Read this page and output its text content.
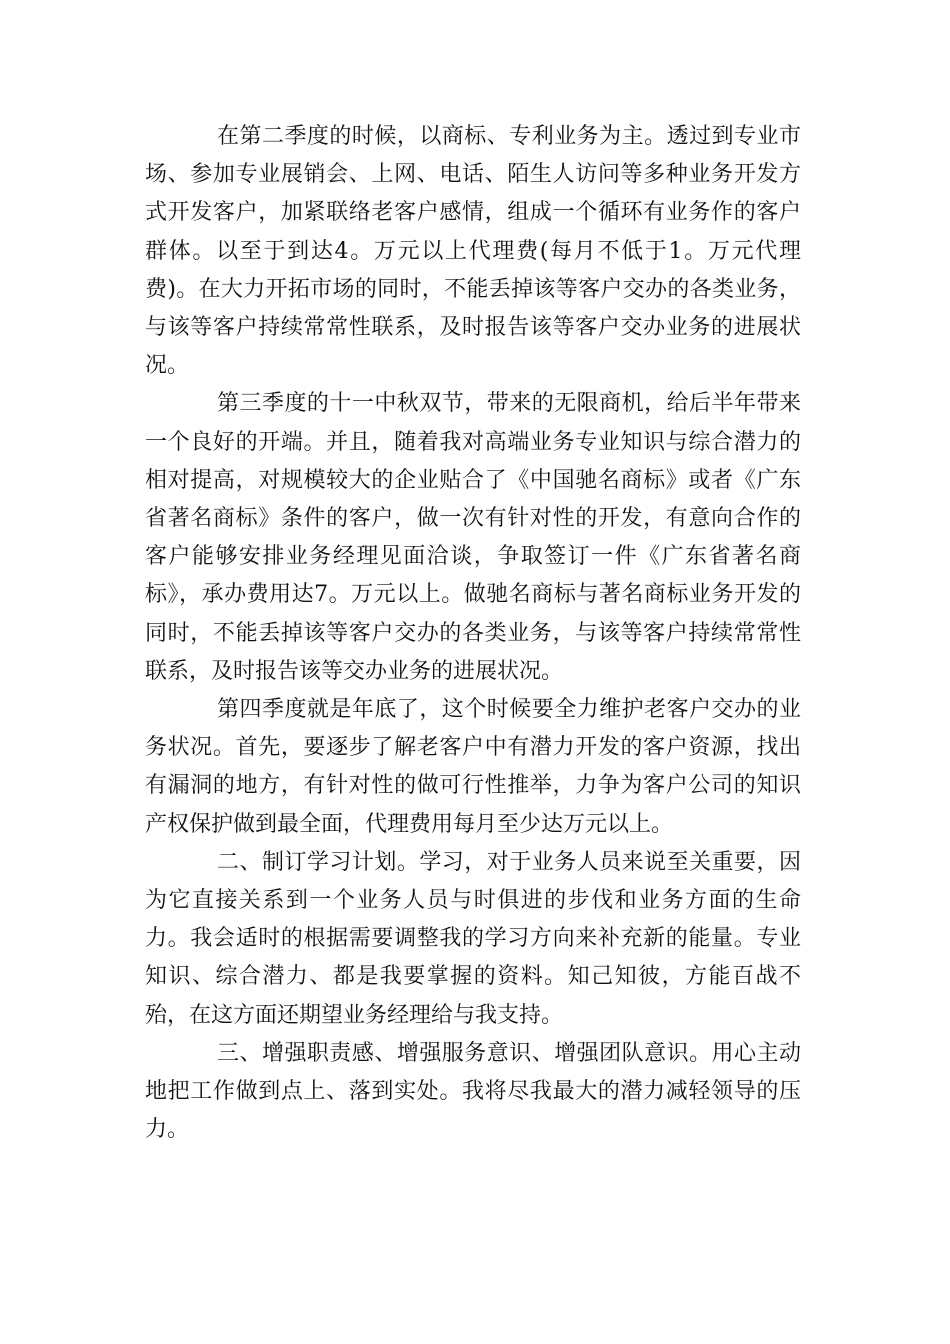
在第二季度的时候，以商标、专利业务为主。透过到专业市场、参加专业展销会、上网、电话、陌生人访问等多种业务开发方式开发客户，加紧联络老客户感情，组成一个循环有业务作的客户群体。以至于到达4。万元以上代理费(每月不低于1。万元代理费)。在大力开拓市场的同时，不能丢掉该等客户交办的各类业务，与该等客户持续常常性联系，及时报告该等客户交办业务的进展状况。

第三季度的十一中秋双节，带来的无限商机，给后半年带来一个良好的开端。并且，随着我对高端业务专业知识与综合潜力的相对提高，对规模较大的企业贴合了《中国驰名商标》或者《广东省著名商标》条件的客户，做一次有针对性的开发，有意向合作的客户能够安排业务经理见面洽谈，争取签订一件《广东省著名商标》，承办费用达7。万元以上。做驰名商标与著名商标业务开发的同时，不能丢掉该等客户交办的各类业务，与该等客户持续常常性联系，及时报告该等交办业务的进展状况。

第四季度就是年底了，这个时候要全力维护老客户交办的业务状况。首先，要逐步了解老客户中有潜力开发的客户资源，找出有漏洞的地方，有针对性的做可行性推举，力争为客户公司的知识产权保护做到最全面，代理费用每月至少达万元以上。

二、制订学习计划。学习，对于业务人员来说至关重要，因为它直接关系到一个业务人员与时俱进的步伐和业务方面的生命力。我会适时的根据需要调整我的学习方向来补充新的能量。专业知识、综合潜力、都是我要掌握的资料。知己知彼，方能百战不殆，在这方面还期望业务经理给与我支持。

三、增强职责感、增强服务意识、增强团队意识。用心主动地把工作做到点上、落到实处。我将尽我最大的潜力减轻领导的压力。
